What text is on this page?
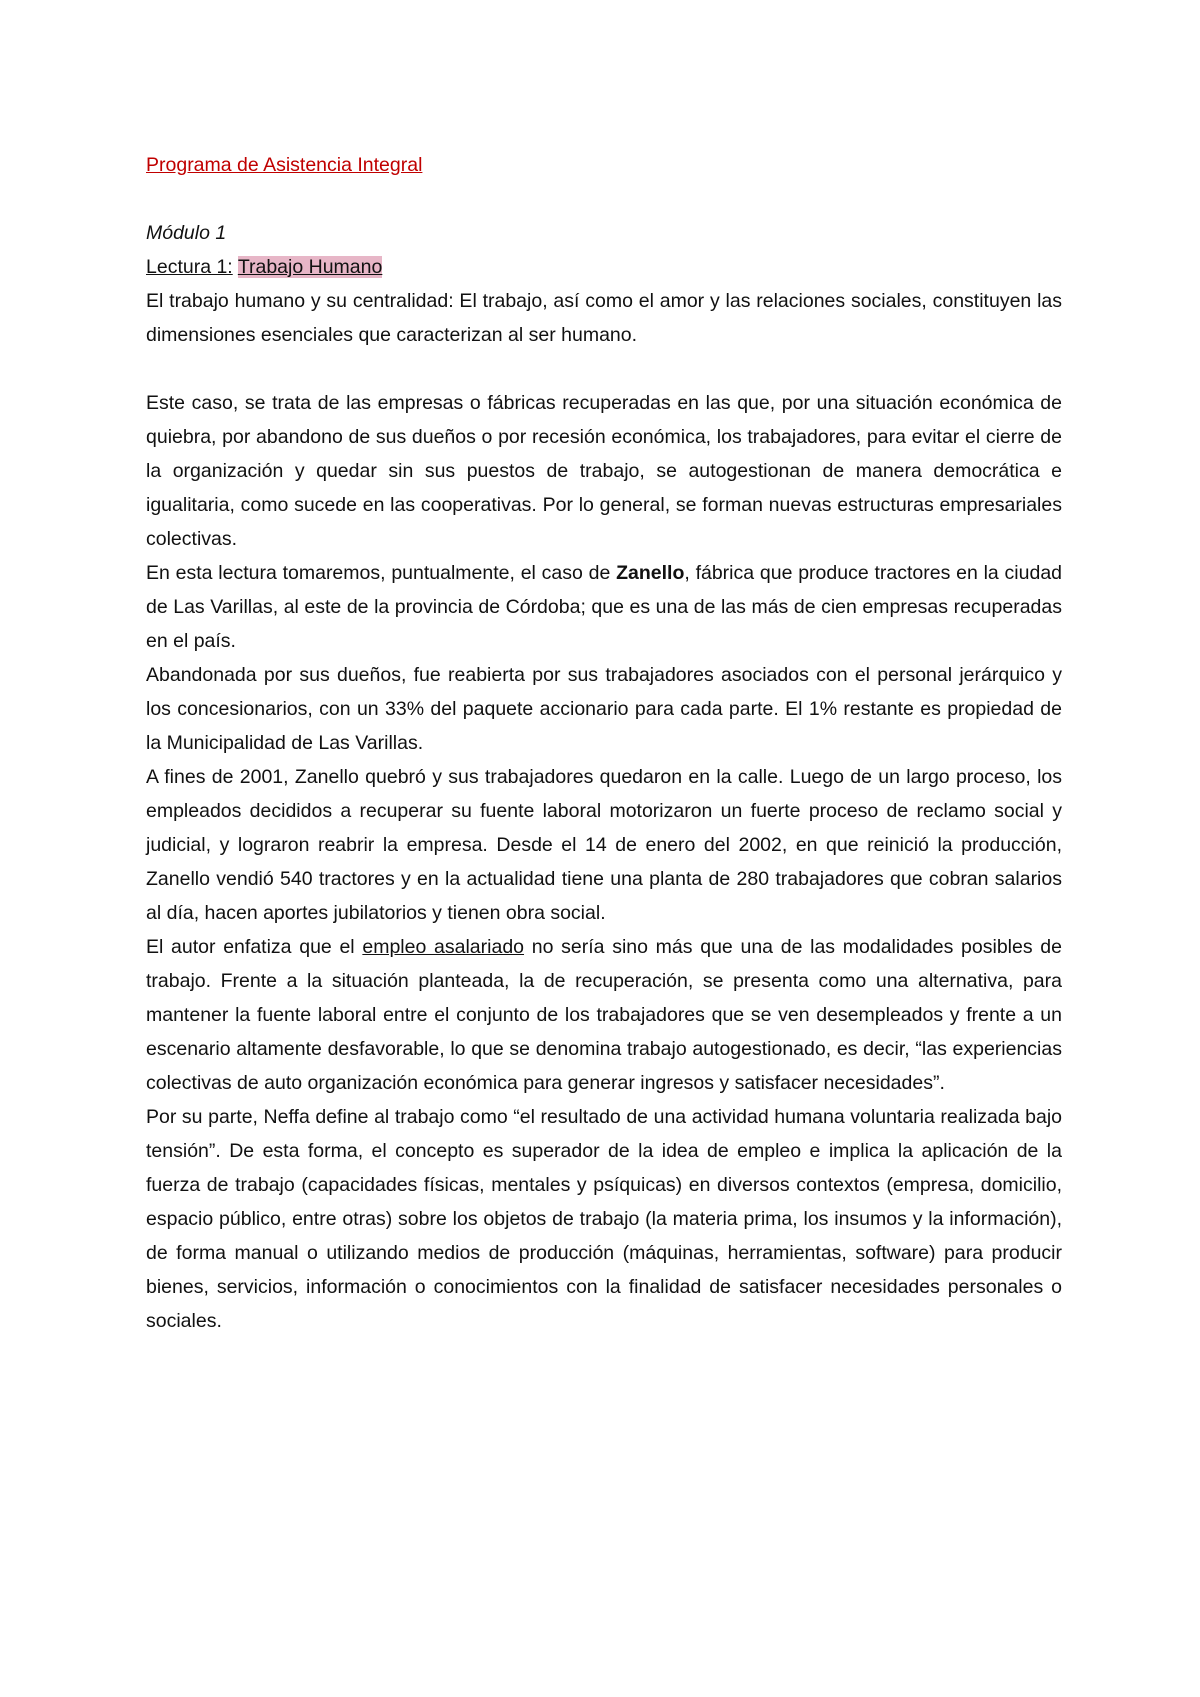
Programa de Asistencia Integral

Módulo 1

Lectura 1: Trabajo Humano

El trabajo humano y su centralidad: El trabajo, así como el amor y las relaciones sociales, constituyen las dimensiones esenciales que caracterizan al ser humano.

Este caso, se trata de las empresas o fábricas recuperadas en las que, por una situación económica de quiebra, por abandono de sus dueños o por recesión económica, los trabajadores, para evitar el cierre de la organización y quedar sin sus puestos de trabajo, se autogestionan de manera democrática e igualitaria, como sucede en las cooperativas. Por lo general, se forman nuevas estructuras empresariales colectivas.

En esta lectura tomaremos, puntualmente, el caso de Zanello, fábrica que produce tractores en la ciudad de Las Varillas, al este de la provincia de Córdoba; que es una de las más de cien empresas recuperadas en el país.

Abandonada por sus dueños, fue reabierta por sus trabajadores asociados con el personal jerárquico y los concesionarios, con un 33% del paquete accionario para cada parte. El 1% restante es propiedad de la Municipalidad de Las Varillas.

A fines de 2001, Zanello quebró y sus trabajadores quedaron en la calle. Luego de un largo proceso, los empleados decididos a recuperar su fuente laboral motorizaron un fuerte proceso de reclamo social y judicial, y lograron reabrir la empresa. Desde el 14 de enero del 2002, en que reinició la producción, Zanello vendió 540 tractores y en la actualidad tiene una planta de 280 trabajadores que cobran salarios al día, hacen aportes jubilatorios y tienen obra social.

El autor enfatiza que el empleo asalariado no sería sino más que una de las modalidades posibles de trabajo. Frente a la situación planteada, la de recuperación, se presenta como una alternativa, para mantener la fuente laboral entre el conjunto de los trabajadores que se ven desempleados y frente a un escenario altamente desfavorable, lo que se denomina trabajo autogestionado, es decir, “las experiencias colectivas de auto organización económica para generar ingresos y satisfacer necesidades”.

Por su parte, Neffa define al trabajo como “el resultado de una actividad humana voluntaria realizada bajo tensión”. De esta forma, el concepto es superador de la idea de empleo e implica la aplicación de la fuerza de trabajo (capacidades físicas, mentales y psíquicas) en diversos contextos (empresa, domicilio, espacio público, entre otras) sobre los objetos de trabajo (la materia prima, los insumos y la información), de forma manual o utilizando medios de producción (máquinas, herramientas, software) para producir bienes, servicios, información o conocimientos con la finalidad de satisfacer necesidades personales o sociales.
